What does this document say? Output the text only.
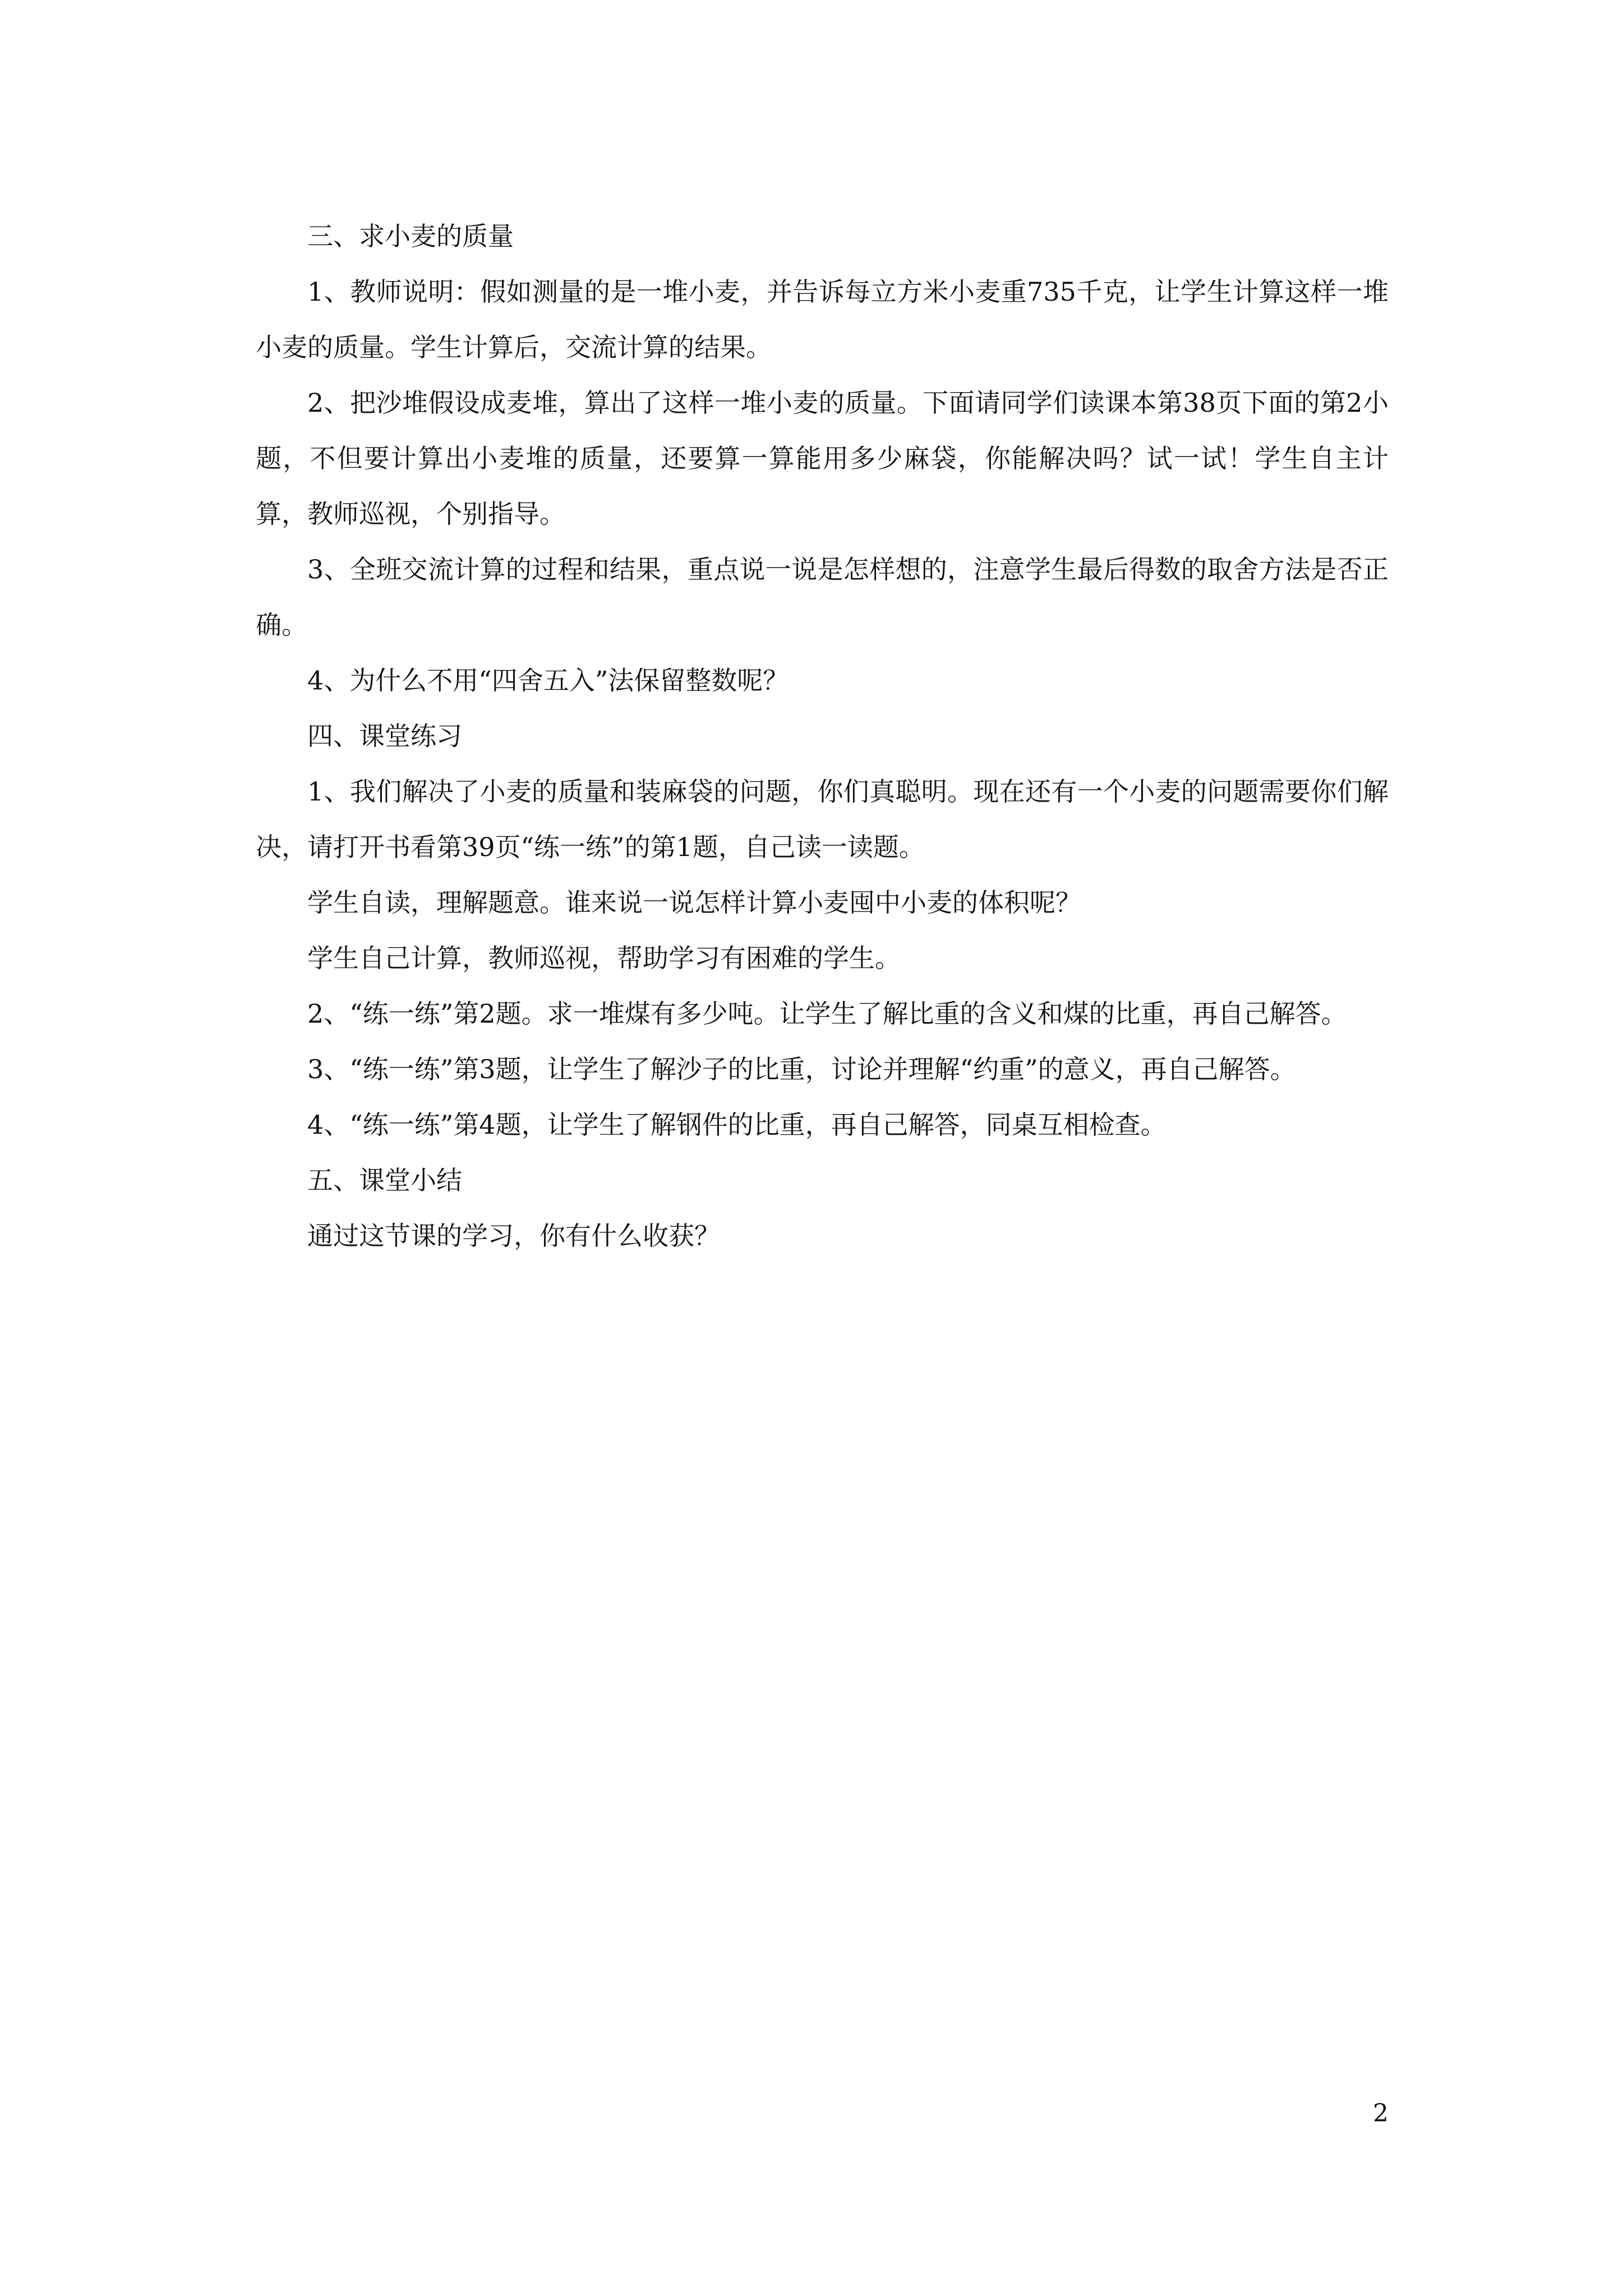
三、求小麦的质量

1、教师说明：假如测量的是一堆小麦，并告诉每立方米小麦重735千克，让学生计算这样一堆小麦的质量。学生计算后，交流计算的结果。

2、把沙堆假设成麦堆，算出了这样一堆小麦的质量。下面请同学们读课本第38页下面的第2小题，不但要计算出小麦堆的质量，还要算一算能用多少麻袋，你能解决吗？试一试！学生自主计算，教师巡视，个别指导。

3、全班交流计算的过程和结果，重点说一说是怎样想的，注意学生最后得数的取舍方法是否正确。

4、为什么不用“四舍五入”法保留整数呢？

四、课堂练习

1、我们解决了小麦的质量和装麻袋的问题，你们真聪明。现在还有一个小麦的问题需要你们解决，请打开书看第39页“练一练”的第1题，自己读一读题。

学生自读，理解题意。谁来说一说怎样计算小麦囤中小麦的体积呢？

学生自己计算，教师巡视，帮助学习有困难的学生。

2、“练一练”第2题。求一堆煤有多少吨。让学生了解比重的含义和煤的比重，再自己解答。

3、“练一练”第3题，让学生了解沙子的比重，讨论并理解“约重”的意义，再自己解答。

4、“练一练”第4题，让学生了解钢件的比重，再自己解答，同桌互相检查。

五、课堂小结

通过这节课的学习，你有什么收获？

2
